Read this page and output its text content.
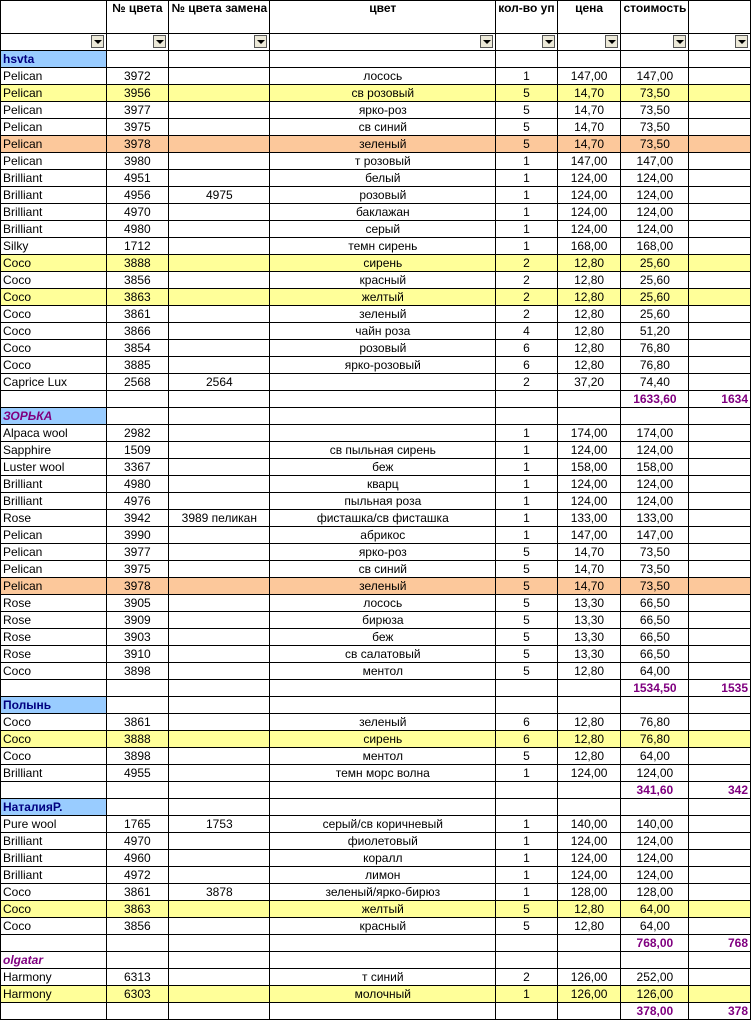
	№ цвета	№ цвета замена	цвет	кол-во уп	цена	стоимость	

hsvta							
Pelican	3972		лосось	1	147,00	147,00	
Pelican	3956		св розовый	5	14,70	73,50	
Pelican	3977		ярко-роз	5	14,70	73,50	
Pelican	3975		св синий	5	14,70	73,50	
Pelican	3978		зеленый	5	14,70	73,50	
Pelican	3980		т розовый	1	147,00	147,00	
Brilliant	4951		белый	1	124,00	124,00	
Brilliant	4956	4975	розовый	1	124,00	124,00	
Brilliant	4970		баклажан	1	124,00	124,00	
Brilliant	4980		серый	1	124,00	124,00	
Silky	1712		темн сирень	1	168,00	168,00	
Coco	3888		сирень	2	12,80	25,60	
Coco	3856		красный	2	12,80	25,60	
Coco	3863		желтый	2	12,80	25,60	
Coco	3861		зеленый	2	12,80	25,60	
Coco	3866		чайн роза	4	12,80	51,20	
Coco	3854		розовый	6	12,80	76,80	
Coco	3885		ярко-розовый	6	12,80	76,80	
Caprice Lux	2568	2564		2	37,20	74,40	
						1633,60	1634
ЗОРЬКА							
Alpaca wool	2982			1	174,00	174,00	
Sapphire	1509		св пыльная сирень	1	124,00	124,00	
Luster wool	3367		беж	1	158,00	158,00	
Brilliant	4980		кварц	1	124,00	124,00	
Brilliant	4976		пыльная роза	1	124,00	124,00	
Rose	3942	3989 пеликан	фисташка/св фисташка	1	133,00	133,00	
Pelican	3990		абрикос	1	147,00	147,00	
Pelican	3977		ярко-роз	5	14,70	73,50	
Pelican	3975		св синий	5	14,70	73,50	
Pelican	3978		зеленый	5	14,70	73,50	
Rose	3905		лосось	5	13,30	66,50	
Rose	3909		бирюза	5	13,30	66,50	
Rose	3903		беж	5	13,30	66,50	
Rose	3910		св салатовый	5	13,30	66,50	
Coco	3898		ментол	5	12,80	64,00	
						1534,50	1535
Полынь							
Coco	3861		зеленый	6	12,80	76,80	
Coco	3888		сирень	6	12,80	76,80	
Coco	3898		ментол	5	12,80	64,00	
Brilliant	4955		темн морс волна	1	124,00	124,00	
						341,60	342
НаталияР.							
Pure wool	1765	1753	серый/св коричневый	1	140,00	140,00	
Brilliant	4970		фиолетовый	1	124,00	124,00	
Brilliant	4960		коралл	1	124,00	124,00	
Brilliant	4972		лимон	1	124,00	124,00	
Coco	3861	3878	зеленый/ярко-бирюз	1	128,00	128,00	
Coco	3863		желтый	5	12,80	64,00	
Coco	3856		красный	5	12,80	64,00	
						768,00	768
olgatar							
Harmony	6313		т синий	2	126,00	252,00	
Harmony	6303		молочный	1	126,00	126,00	
						378,00	378
